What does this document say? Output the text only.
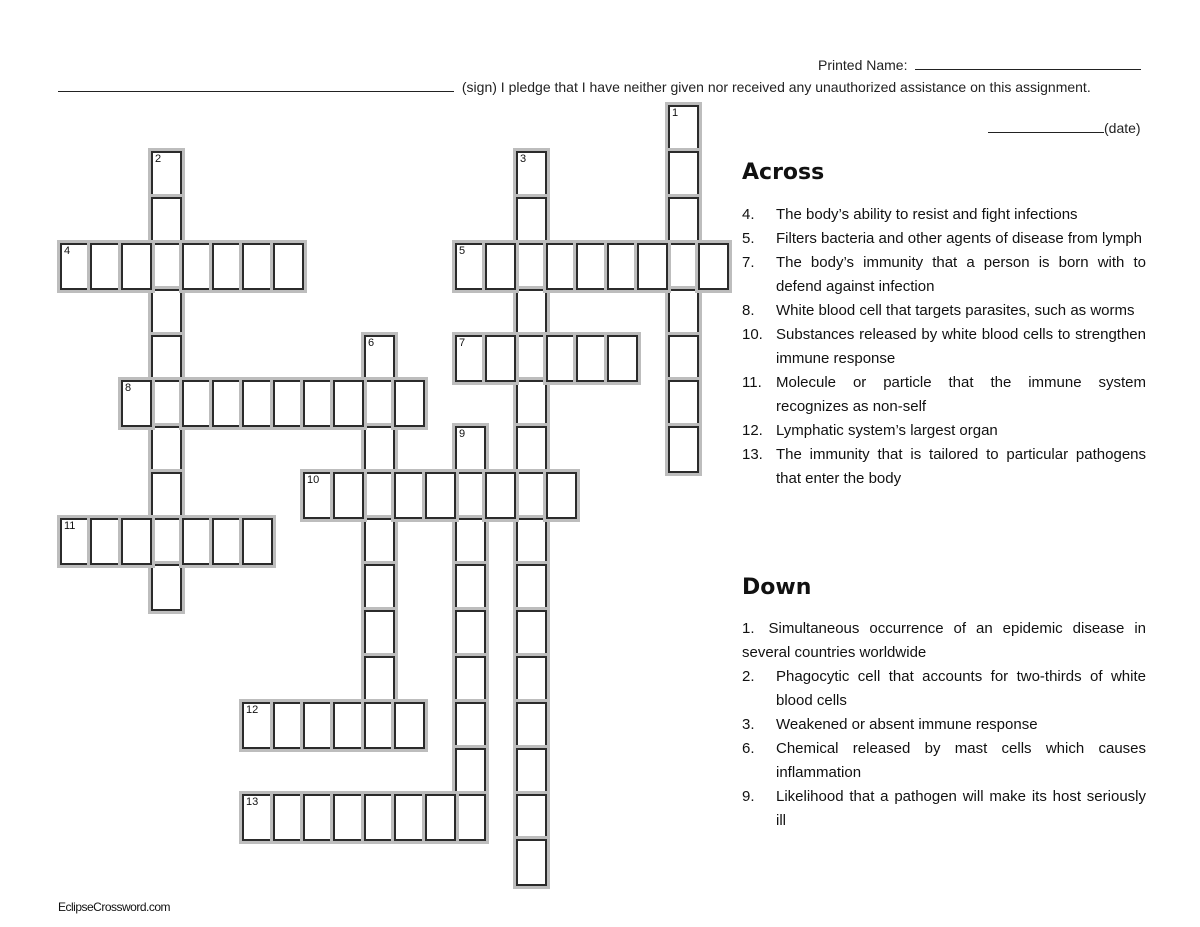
Printed Name:
(sign) I pledge that I have neither given nor received any unauthorized assistance on this assignment.
(date)
1
2	3
4	5
6	7
8
9
10
11
12
13
Across
4. The body’s ability to resist and fight infections
5. Filters bacteria and other agents of disease from lymph
7. The body’s immunity that a person is born with to defend against infection
8. White blood cell that targets parasites, such as worms
10. Substances released by white blood cells to strengthen immune response
11. Molecule or particle that the immune system recognizes as non-self
12. Lymphatic system’s largest organ
13. The immunity that is tailored to particular pathogens that enter the body
Down
1. Simultaneous occurrence of an epidemic disease in several countries worldwide
2. Phagocytic cell that accounts for two-thirds of white blood cells
3. Weakened or absent immune response
6. Chemical released by mast cells which causes inflammation
9. Likelihood that a pathogen will make its host seriously ill
EclipseCrossword.com
